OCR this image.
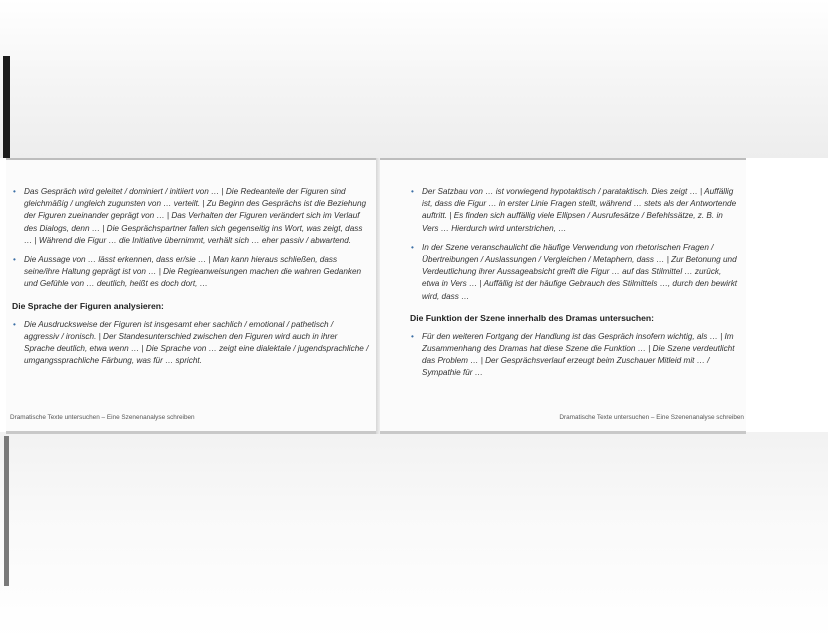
• Das Gespräch wird geleitet / dominiert / initiiert von … | Die Redeanteile der Figuren sind gleichmäßig / ungleich zugunsten von … verteilt. | Zu Beginn des Gesprächs ist die Beziehung der Figuren zueinander geprägt von … | Das Verhalten der Figuren verändert sich im Verlauf des Dialogs, denn … | Die Gesprächspartner fallen sich gegenseitig ins Wort, was zeigt, dass … | Während die Figur … die Initiative übernimmt, verhält sich … eher passiv / abwartend.

• Die Aussage von … lässt erkennen, dass er/sie … | Man kann hieraus schließen, dass seine/ihre Haltung geprägt ist von … | Die Regieanweisungen machen die wahren Gedanken und Gefühle von … deutlich, heißt es doch dort, …

Die Sprache der Figuren analysieren:

• Die Ausdrucksweise der Figuren ist insgesamt eher sachlich / emotional / pathetisch / aggressiv / ironisch. | Der Standesunterschied zwischen den Figuren wird auch in ihrer Sprache deutlich, etwa wenn … | Die Sprache von … zeigt eine dialektale / jugendsprachliche / umgangssprachliche Färbung, was für … spricht.

Dramatische Texte untersuchen – Eine Szenenanalyse schreiben

• Der Satzbau von … ist vorwiegend hypotaktisch / parataktisch. Dies zeigt … | Auffällig ist, dass die Figur … in erster Linie Fragen stellt, während … stets als der Antwortende auftritt. | Es finden sich auffällig viele Ellipsen / Ausrufesätze / Befehlssätze, z. B. in Vers … Hierdurch wird unterstrichen, …

• In der Szene veranschaulicht die häufige Verwendung von rhetorischen Fragen / Übertreibungen / Auslassungen / Vergleichen / Metaphern, dass … | Zur Betonung und Verdeutlichung ihrer Aussageabsicht greift die Figur … auf das Stilmittel … zurück, etwa in Vers … | Auffällig ist der häufige Gebrauch des Stilmittels …, durch den bewirkt wird, dass …

Die Funktion der Szene innerhalb des Dramas untersuchen:

• Für den weiteren Fortgang der Handlung ist das Gespräch insofern wichtig, als … | Im Zusammenhang des Dramas hat diese Szene die Funktion … | Die Szene verdeutlicht das Problem … | Der Gesprächsverlauf erzeugt beim Zuschauer Mitleid mit … / Sympathie für …

Dramatische Texte untersuchen – Eine Szenenanalyse schreiben
